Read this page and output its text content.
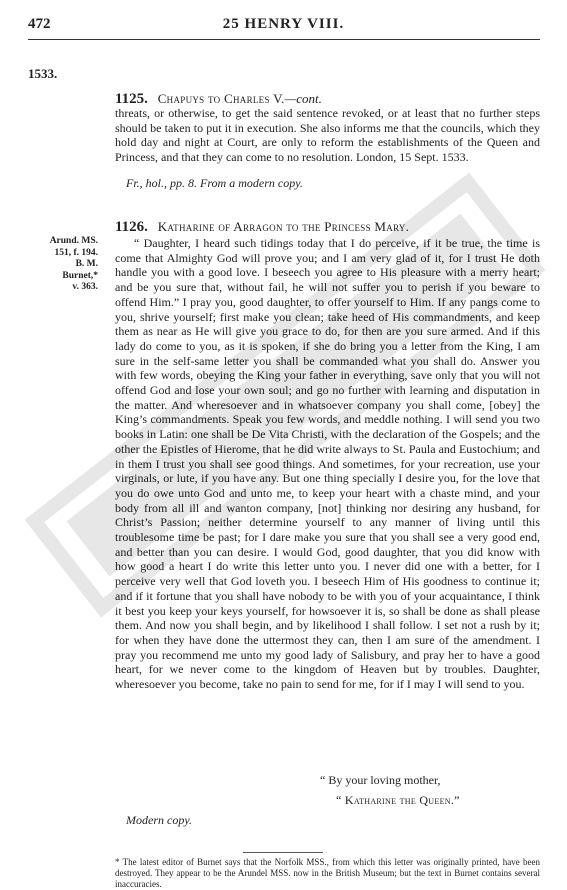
472	25 HENRY VIII.
1533.
1125. Chapuys to Charles V.—cont.
threats, or otherwise, to get the said sentence revoked, or at least that no further steps should be taken to put it in execution. She also informs me that the councils, which they hold day and night at Court, are only to reform the establishments of the Queen and Princess, and that they can come to no resolution. London, 15 Sept. 1533.
Fr., hol., pp. 8. From a modern copy.
1126. Katharine of Arragon to the Princess Mary.
Arund. MS.
151, f. 194.
B. M.
Burnet,*
v. 363.
“ Daughter, I heard such tidings today that I do perceive, if it be true, the time is come that Almighty God will prove you; and I am very glad of it, for I trust He doth handle you with a good love. I beseech you agree to His pleasure with a merry heart; and be you sure that, without fail, he will not suffer you to perish if you beware to offend Him.” I pray you, good daughter, to offer yourself to Him. If any pangs come to you, shrive yourself; first make you clean; take heed of His commandments, and keep them as near as He will give you grace to do, for then are you sure armed. And if this lady do come to you, as it is spoken, if she do bring you a letter from the King, I am sure in the self-same letter you shall be commanded what you shall do. Answer you with few words, obeying the King your father in everything, save only that you will not offend God and lose your own soul; and go no further with learning and disputation in the matter. And wheresoever and in whatsoever company you shall come, [obey] the King’s commandments. Speak you few words, and meddle nothing. I will send you two books in Latin: one shall be De Vita Christi, with the declaration of the Gospels; and the other the Epistles of Hierome, that he did write always to St. Paula and Eustochium; and in them I trust you shall see good things. And sometimes, for your recreation, use your virginals, or lute, if you have any. But one thing specially I desire you, for the love that you do owe unto God and unto me, to keep your heart with a chaste mind, and your body from all ill and wanton company, [not] thinking nor desiring any husband, for Christ’s Passion; neither determine yourself to any manner of living until this troublesome time be past; for I dare make you sure that you shall see a very good end, and better than you can desire. I would God, good daughter, that you did know with how good a heart I do write this letter unto you. I never did one with a better, for I perceive very well that God loveth you. I beseech Him of His goodness to continue it; and if it fortune that you shall have nobody to be with you of your acquaintance, I think it best you keep your keys yourself, for howsoever it is, so shall be done as shall please them. And now you shall begin, and by likelihood I shall follow. I set not a rush by it; for when they have done the uttermost they can, then I am sure of the amendment. I pray you recommend me unto my good lady of Salisbury, and pray her to have a good heart, for we never come to the kingdom of Heaven but by troubles. Daughter, wheresoever you become, take no pain to send for me, for if I may I will send to you.
“ By your loving mother,
“ Katharine the Queen.”
Modern copy.
* The latest editor of Burnet says that the Norfolk MSS., from which this letter was originally printed, have been destroyed. They appear to be the Arundel MSS. now in the British Museum; but the text in Burnet contains several inaccuracies.
